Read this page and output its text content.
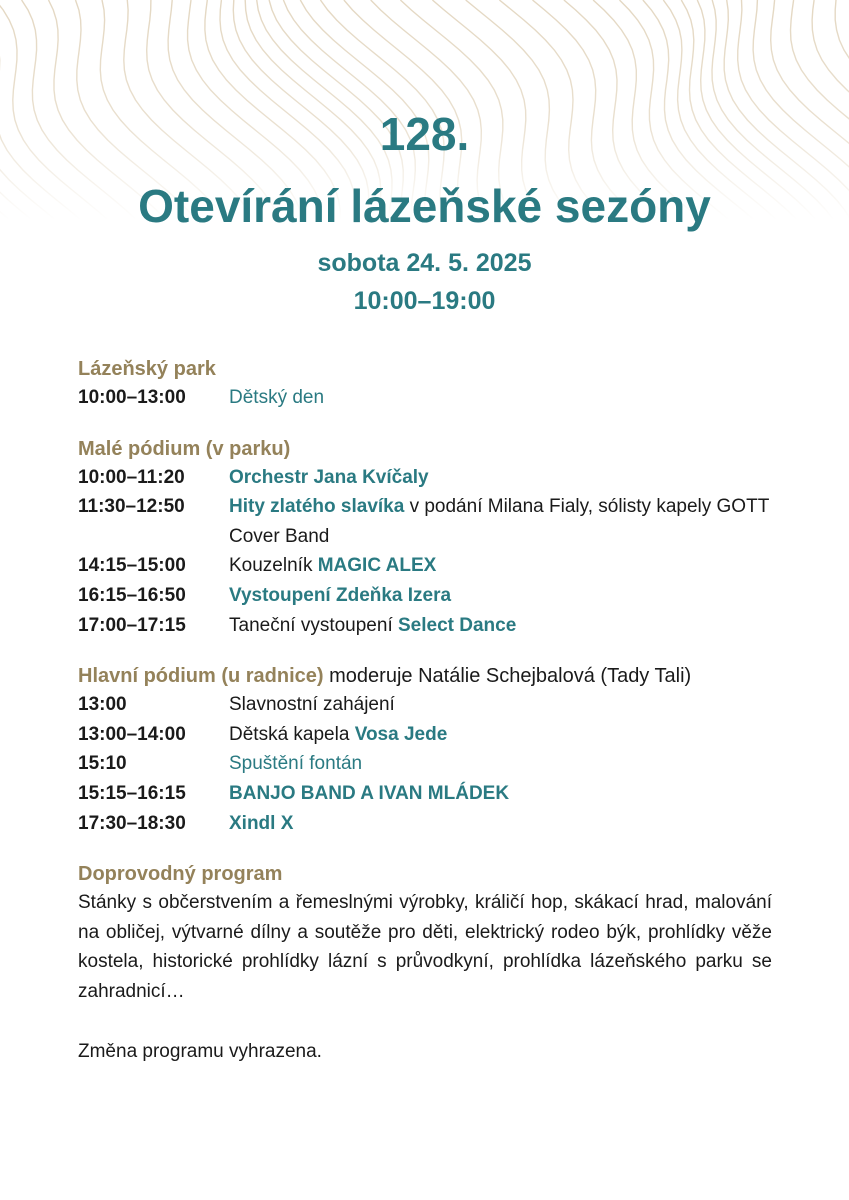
128.
Otevírání lázeňské sezóny
sobota 24. 5. 2025
10:00–19:00
Lázeňský park
10:00–13:00	Dětský den
Malé pódium (v parku)
10:00–11:20	Orchestr Jana Kvíčaly
11:30–12:50	Hity zlatého slavíka v podání Milana Fialy, sólisty kapely GOTT Cover Band
14:15–15:00	Kouzelník MAGIC ALEX
16:15–16:50	Vystoupení Zdeňka Izera
17:00–17:15	Taneční vystoupení Select Dance
Hlavní pódium (u radnice) moderuje Natálie Schejbalová (Tady Tali)
13:00	Slavnostní zahájení
13:00–14:00	Dětská kapela Vosa Jede
15:10	Spuštění fontán
15:15–16:15	BANJO BAND A IVAN MLÁDEK
17:30–18:30	Xindl X
Doprovodný program
Stánky s občerstvením a řemeslnými výrobky, králičí hop, skákací hrad, malování na obličej, výtvarné dílny a soutěže pro děti, elektrický rodeo býk, prohlídky věže kostela, historické prohlídky lázní s průvodkyní, prohlídka lázeňského parku se zahradnicí…
Změna programu vyhrazena.
